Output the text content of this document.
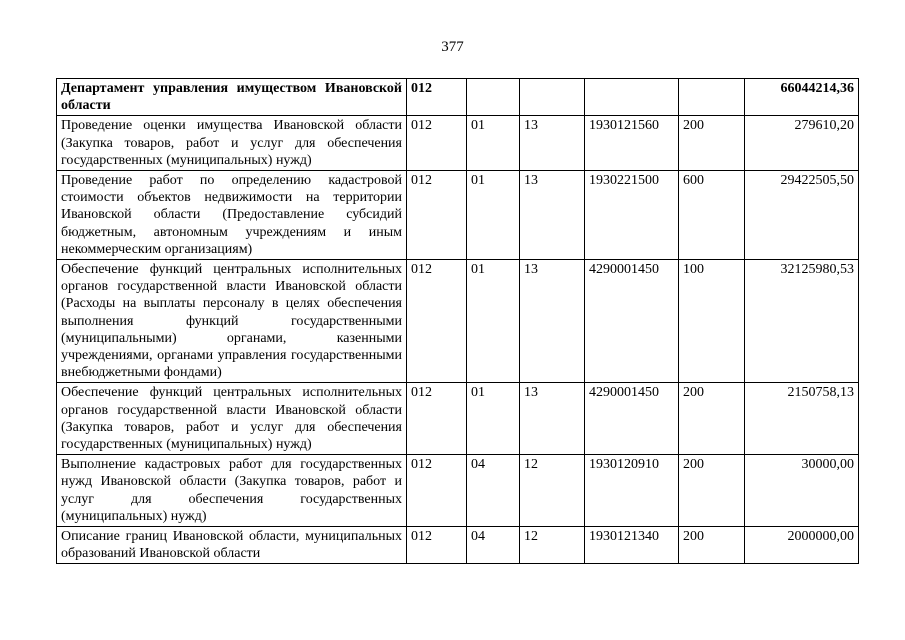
377
Департамент управления имуществом Ивановской области	012					66044214,36
Проведение оценки имущества Ивановской области (Закупка товаров, работ и услуг для обеспечения государственных (муниципальных) нужд)	012	01	13	1930121560	200	279610,20
Проведение работ по определению кадастровой стоимости объектов недвижимости на территории Ивановской области (Предоставление субсидий бюджетным, автономным учреждениям и иным некоммерческим организациям)	012	01	13	1930221500	600	29422505,50
Обеспечение функций центральных исполнительных органов государственной власти Ивановской области (Расходы на выплаты персоналу в целях обеспечения выполнения функций государственными (муниципальными) органами, казенными учреждениями, органами управления государственными внебюджетными фондами)	012	01	13	4290001450	100	32125980,53
Обеспечение функций центральных исполнительных органов государственной власти Ивановской области (Закупка товаров, работ и услуг для обеспечения государственных (муниципальных) нужд)	012	01	13	4290001450	200	2150758,13
Выполнение кадастровых работ для государственных нужд Ивановской области (Закупка товаров, работ и услуг для обеспечения государственных (муниципальных) нужд)	012	04	12	1930120910	200	30000,00
Описание границ Ивановской области, муниципальных образований Ивановской области	012	04	12	1930121340	200	2000000,00
